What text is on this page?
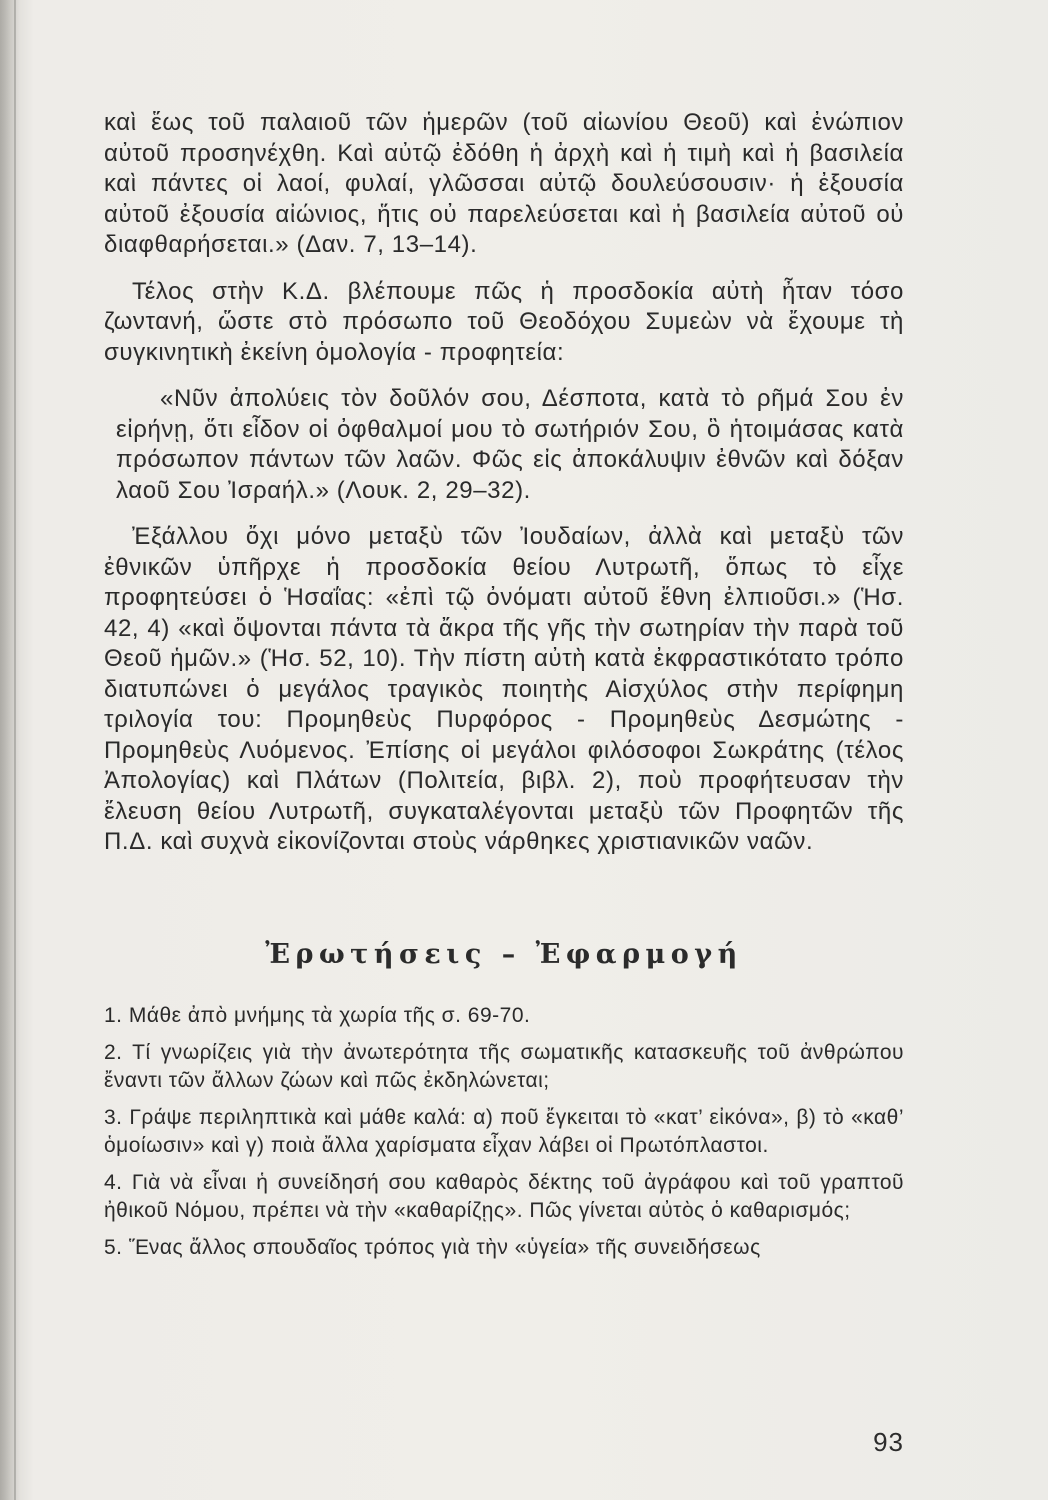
καὶ ἕως τοῦ παλαιοῦ τῶν ἡμερῶν (τοῦ αἰωνίου Θεοῦ) καὶ ἐνώπιον αὐτοῦ προσηνέχθη. Καὶ αὐτῷ ἐδόθη ἡ ἀρχὴ καὶ ἡ τιμὴ καὶ ἡ βασιλεία καὶ πάντες οἱ λαοί, φυλαί, γλῶσσαι αὐτῷ δουλεύσουσιν· ἡ ἐξουσία αὐτοῦ ἐξουσία αἰώνιος, ἥτις οὐ παρελεύσεται καὶ ἡ βασιλεία αὐτοῦ οὐ διαφθαρήσεται.» (Δαν. 7, 13–14).

Τέλος στὴν Κ.Δ. βλέπουμε πῶς ἡ προσδοκία αὐτὴ ἦταν τόσο ζωντανή, ὥστε στὸ πρόσωπο τοῦ Θεοδόχου Συμεὼν νὰ ἔχουμε τὴ συγκινητικὴ ἐκείνη ὁμολογία - προφητεία:

«Νῦν ἀπολύεις τὸν δοῦλόν σου, Δέσποτα, κατὰ τὸ ρῆμά Σου ἐν εἰρήνῃ, ὅτι εἶδον οἱ ὀφθαλμοί μου τὸ σωτήριόν Σου, ὃ ἡτοιμάσας κατὰ πρόσωπον πάντων τῶν λαῶν. Φῶς εἰς ἀποκάλυψιν ἐθνῶν καὶ δόξαν λαοῦ Σου Ἰσραήλ.» (Λουκ. 2, 29–32).

Ἐξάλλου ὄχι μόνο μεταξὺ τῶν Ἰουδαίων, ἀλλὰ καὶ μεταξὺ τῶν ἐθνικῶν ὑπῆρχε ἡ προσδοκία θείου Λυτρωτῆ, ὅπως τὸ εἶχε προφητεύσει ὁ Ἡσαΐας: «ἐπὶ τῷ ὀνόματι αὐτοῦ ἔθνη ἐλπιοῦσι.» (Ἡσ. 42, 4) «καὶ ὄψονται πάντα τὰ ἄκρα τῆς γῆς τὴν σωτηρίαν τὴν παρὰ τοῦ Θεοῦ ἡμῶν.» (Ἡσ. 52, 10). Τὴν πίστη αὐτὴ κατὰ ἐκφραστικότατο τρόπο διατυπώνει ὁ μεγάλος τραγικὸς ποιητὴς Αἰσχύλος στὴν περίφημη τριλογία του: Προμηθεὺς Πυρφόρος - Προμηθεὺς Δεσμώτης - Προμηθεὺς Λυόμενος. Ἐπίσης οἱ μεγάλοι φιλόσοφοι Σωκράτης (τέλος Ἀπολογίας) καὶ Πλάτων (Πολιτεία, βιβλ. 2), ποὺ προφήτευσαν τὴν ἔλευση θείου Λυτρωτῆ, συγκαταλέγονται μεταξὺ τῶν Προφητῶν τῆς Π.Δ. καὶ συχνὰ εἰκονίζονται στοὺς νάρθηκες χριστιανικῶν ναῶν.

Ἐρωτήσεις – Ἐφαρμογή

1. Μάθε ἀπὸ μνήμης τὰ χωρία τῆς σ. 69-70.

2. Τί γνωρίζεις γιὰ τὴν ἀνωτερότητα τῆς σωματικῆς κατασκευῆς τοῦ ἀνθρώπου ἔναντι τῶν ἄλλων ζώων καὶ πῶς ἐκδηλώνεται;

3. Γράψε περιληπτικὰ καὶ μάθε καλά: α) ποῦ ἔγκειται τὸ «κατ’ εἰκόνα», β) τὸ «καθ’ ὁμοίωσιν» καὶ γ) ποιὰ ἄλλα χαρίσματα εἶχαν λάβει οἱ Πρωτόπλαστοι.

4. Γιὰ νὰ εἶναι ἡ συνείδησή σου καθαρὸς δέκτης τοῦ ἀγράφου καὶ τοῦ γραπτοῦ ἠθικοῦ Νόμου, πρέπει νὰ τὴν «καθαρίζῃς». Πῶς γίνεται αὐτὸς ὁ καθαρισμός;

5. Ἕνας ἄλλος σπουδαῖος τρόπος γιὰ τὴν «ὑγεία» τῆς συνειδήσεως

93
